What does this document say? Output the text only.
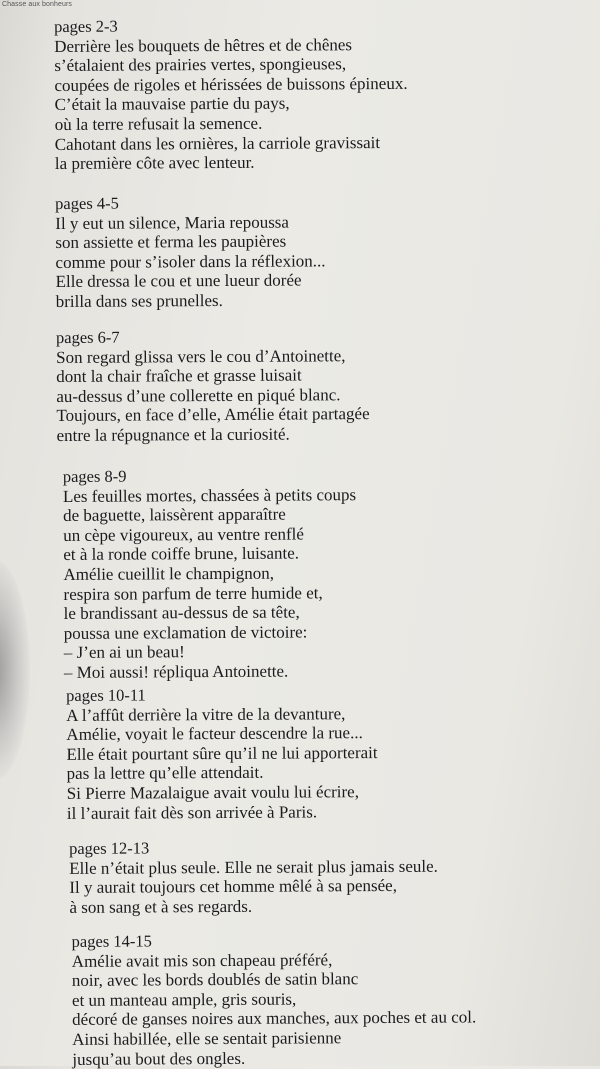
Chasse aux bonheurs
pages 2-3
Derrière les bouquets de hêtres et de chênes
s’étalaient des prairies vertes, spongieuses,
coupées de rigoles et hérissées de buissons épineux.
C’était la mauvaise partie du pays,
où la terre refusait la semence.
Cahotant dans les ornières, la carriole gravissait
la première côte avec lenteur.
pages 4-5
Il y eut un silence, Maria repoussa
son assiette et ferma les paupières
comme pour s’isoler dans la réflexion...
Elle dressa le cou et une lueur dorée
brilla dans ses prunelles.
pages 6-7
Son regard glissa vers le cou d’Antoinette,
dont la chair fraîche et grasse luisait
au-dessus d’une collerette en piqué blanc.
Toujours, en face d’elle, Amélie était partagée
entre la répugnance et la curiosité.
pages 8-9
Les feuilles mortes, chassées à petits coups
de baguette, laissèrent apparaître
un cèpe vigoureux, au ventre renflé
et à la ronde coiffe brune, luisante.
Amélie cueillit le champignon,
respira son parfum de terre humide et,
le brandissant au-dessus de sa tête,
poussa une exclamation de victoire:
– J’en ai un beau!
– Moi aussi! répliqua Antoinette.
pages 10-11
A l’affût derrière la vitre de la devanture,
Amélie, voyait le facteur descendre la rue...
Elle était pourtant sûre qu’il ne lui apporterait
pas la lettre qu’elle attendait.
Si Pierre Mazalaigue avait voulu lui écrire,
il l’aurait fait dès son arrivée à Paris.
pages 12-13
Elle n’était plus seule. Elle ne serait plus jamais seule.
Il y aurait toujours cet homme mêlé à sa pensée,
à son sang et à ses regards.
pages 14-15
Amélie avait mis son chapeau préféré,
noir, avec les bords doublés de satin blanc
et un manteau ample, gris souris,
décoré de ganses noires aux manches, aux poches et au col.
Ainsi habillée, elle se sentait parisienne
jusqu’au bout des ongles.
